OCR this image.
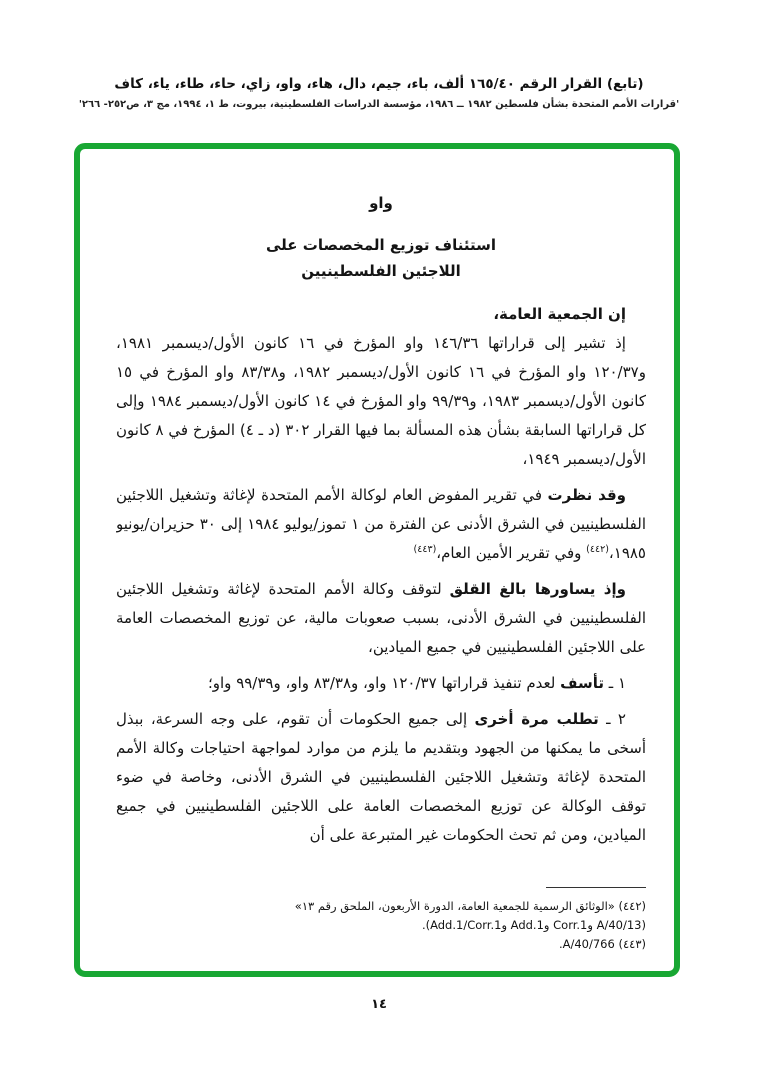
(تابع) القرار الرقم ١٦٥/٤٠ ألف، باء، جيم، دال، هاء، واو، زاي، حاء، طاء، ياء، كاف
'قرارات الأمم المتحدة بشأن فلسطين ١٩٨٢ ــ ١٩٨٦، مؤسسة الدراسات الفلسطينية، بيروت، ط ١، ١٩٩٤، مج ٣، ص٢٥٢- ٢٦٦'
واو
استئناف توزيع المخصصات على
اللاجئين الفلسطينيين

إن الجمعية العامة،

إذ تشير إلى قراراتها ١٤٦/٣٦ واو المؤرخ في ١٦ كانون الأول/ديسمبر ١٩٨١، و١٢٠/٣٧ واو المؤرخ في ١٦ كانون الأول/ديسمبر ١٩٨٢، و٨٣/٣٨ واو المؤرخ في ١٥ كانون الأول/ديسمبر ١٩٨٣، و٩٩/٣٩ واو المؤرخ في ١٤ كانون الأول/ديسمبر ١٩٨٤ وإلى كل قراراتها السابقة بشأن هذه المسألة بما فيها القرار ٣٠٢ (د ـ ٤) المؤرخ في ٨ كانون الأول/ديسمبر ١٩٤٩،

وقد نظرت في تقرير المفوض العام لوكالة الأمم المتحدة لإغاثة وتشغيل اللاجئين الفلسطينيين في الشرق الأدنى عن الفترة من ١ تموز/يوليو ١٩٨٤ إلى ٣٠ حزيران/يونيو ١٩٨٥،$^{(٤٤٢)}$ وفي تقرير الأمين العام،$^{(٤٤٣)}$

وإذ يساورها بالغ القلق لتوقف وكالة الأمم المتحدة لإغاثة وتشغيل اللاجئين الفلسطينيين في الشرق الأدنى، بسبب صعوبات مالية، عن توزيع المخصصات العامة على اللاجئين الفلسطينيين في جميع الميادين،

١ ـ تأسف لعدم تنفيذ قراراتها ١٢٠/٣٧ واو، و٨٣/٣٨ واو، و٩٩/٣٩ واو؛

٢ ـ تطلب مرة أخرى إلى جميع الحكومات أن تقوم، على وجه السرعة، ببذل أسخى ما يمكنها من الجهود وبتقديم ما يلزم من موارد لمواجهة احتياجات وكالة الأمم المتحدة لإغاثة وتشغيل اللاجئين الفلسطينيين في الشرق الأدنى، وخاصة في ضوء توقف الوكالة عن توزيع المخصصات العامة على اللاجئين الفلسطينيين في جميع الميادين، ومن ثم تحث الحكومات غير المتبرعة على أن

(٤٤٢) «الوثائق الرسمية للجمعية العامة، الدورة الأربعون، الملحق رقم ١٣»

(A/40/13 وCorr.1 وAdd.1 وAdd.1/Corr.1).

(٤٤٣) A/40/766.

١٤
